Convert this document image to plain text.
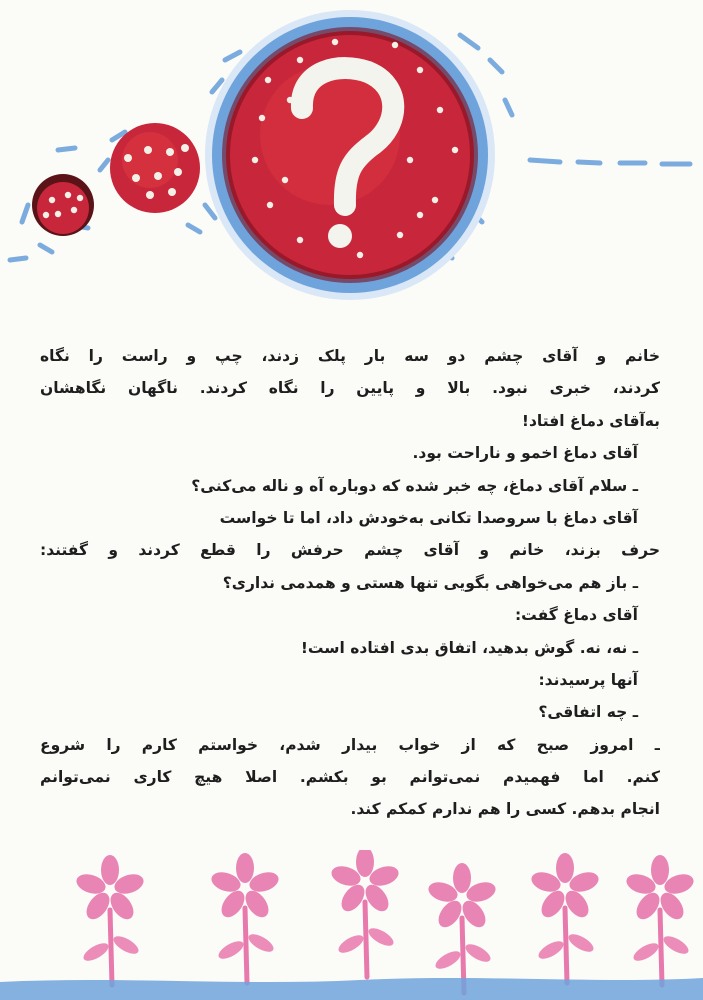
خانم و آقای چشم دو سه بار پلک زدند، چپ و راست را نگاه
کردند، خبری نبود. بالا و پایین را نگاه کردند. ناگهان نگاهشان
به‌آقای دماغ افتاد!
آقای دماغ اخمو و ناراحت بود.
ـ سلام آقای دماغ، چه خبر شده که دوباره آه و ناله می‌کنی؟
آقای دماغ با سروصدا تکانی به‌خودش داد، اما تا خواست
حرف بزند، خانم و آقای چشم حرفش را قطع کردند و گفتند:
ـ باز هم می‌خواهی بگویی تنها هستی و همدمی نداری؟
آقای دماغ گفت:
ـ نه، نه. گوش بدهید، اتفاق بدی افتاده است!
آنها پرسیدند:
ـ چه اتفاقی؟
ـ امروز صبح که از خواب بیدار شدم، خواستم کارم را شروع
کنم. اما فهمیدم نمی‌توانم بو بکشم. اصلا هیچ کاری نمی‌توانم
انجام بدهم. کسی را هم ندارم کمکم کند.
